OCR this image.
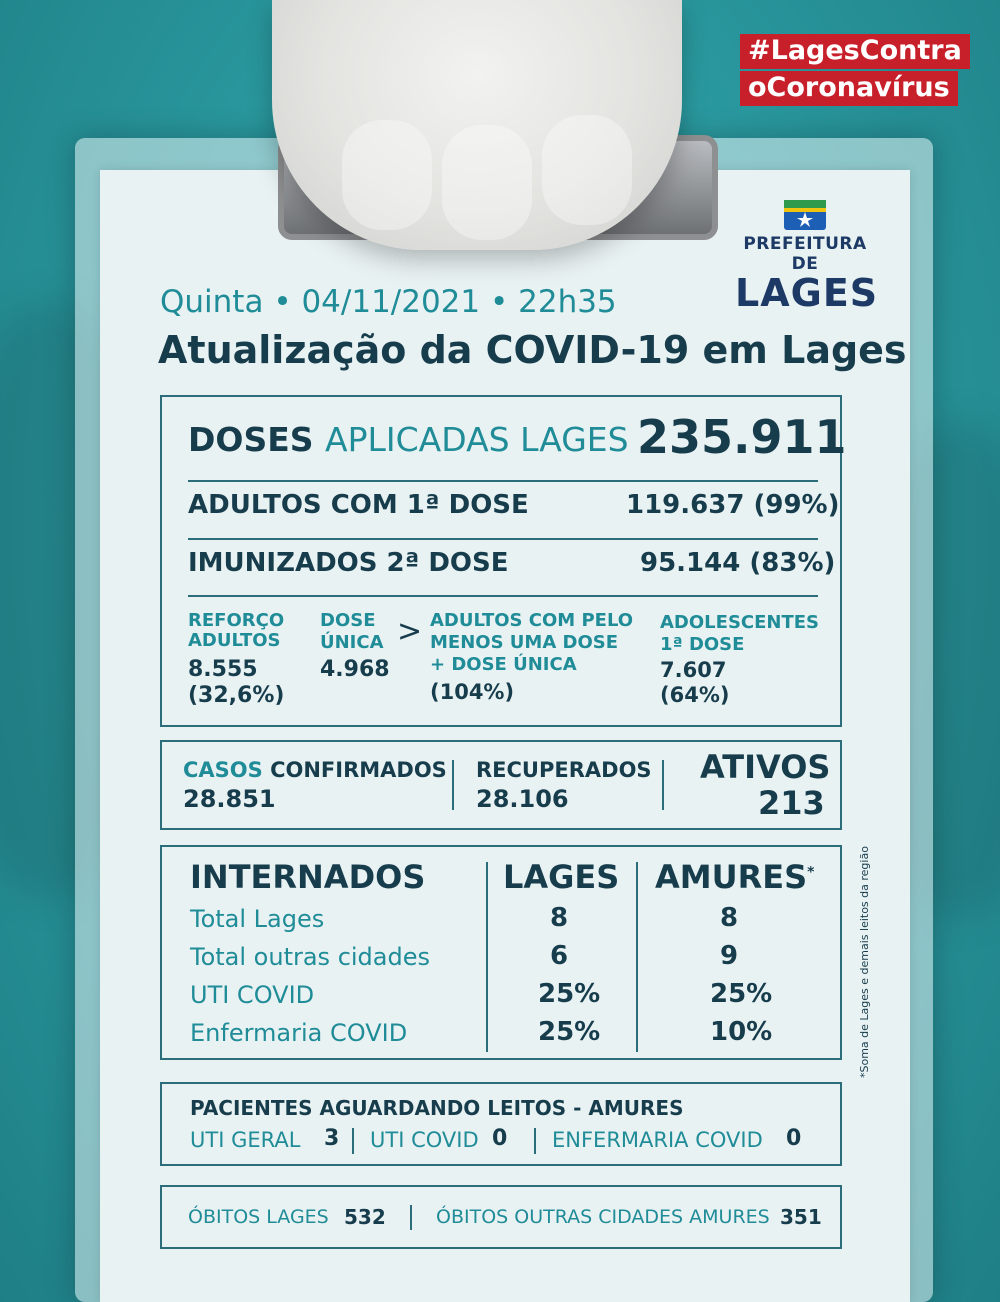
#LagesContra
oCoronavírus
PREFEITURA DE
LAGES
Quinta • 04/11/2021 • 22h35
Atualização da COVID-19 em Lages
DOSES APLICADAS LAGES 235.911
ADULTOS COM 1ª DOSE	119.637 (99%)
IMUNIZADOS 2ª DOSE	95.144 (83%)
REFORÇO
ADULTOS
8.555
(32,6%)
DOSE
ÚNICA
4.968
> ADULTOS COM PELO
MENOS UMA DOSE
+ DOSE ÚNICA
(104%)
ADOLESCENTES
1ª DOSE
7.607
(64%)
CASOS CONFIRMADOS
28.851
RECUPERADOS
28.106
ATIVOS
213
INTERNADOS LAGES AMURES*
Total Lages	8	8
Total outras cidades	6	9
UTI COVID	25%	25%
Enfermaria COVID	25%	10%	*Soma de Lages e demais leitos da região
PACIENTES AGUARDANDO LEITOS - AMURES
UTI GERAL 3 UTI COVID 0 ENFERMARIA COVID 0
ÓBITOS LAGES 532	ÓBITOS OUTRAS CIDADES AMURES 351
